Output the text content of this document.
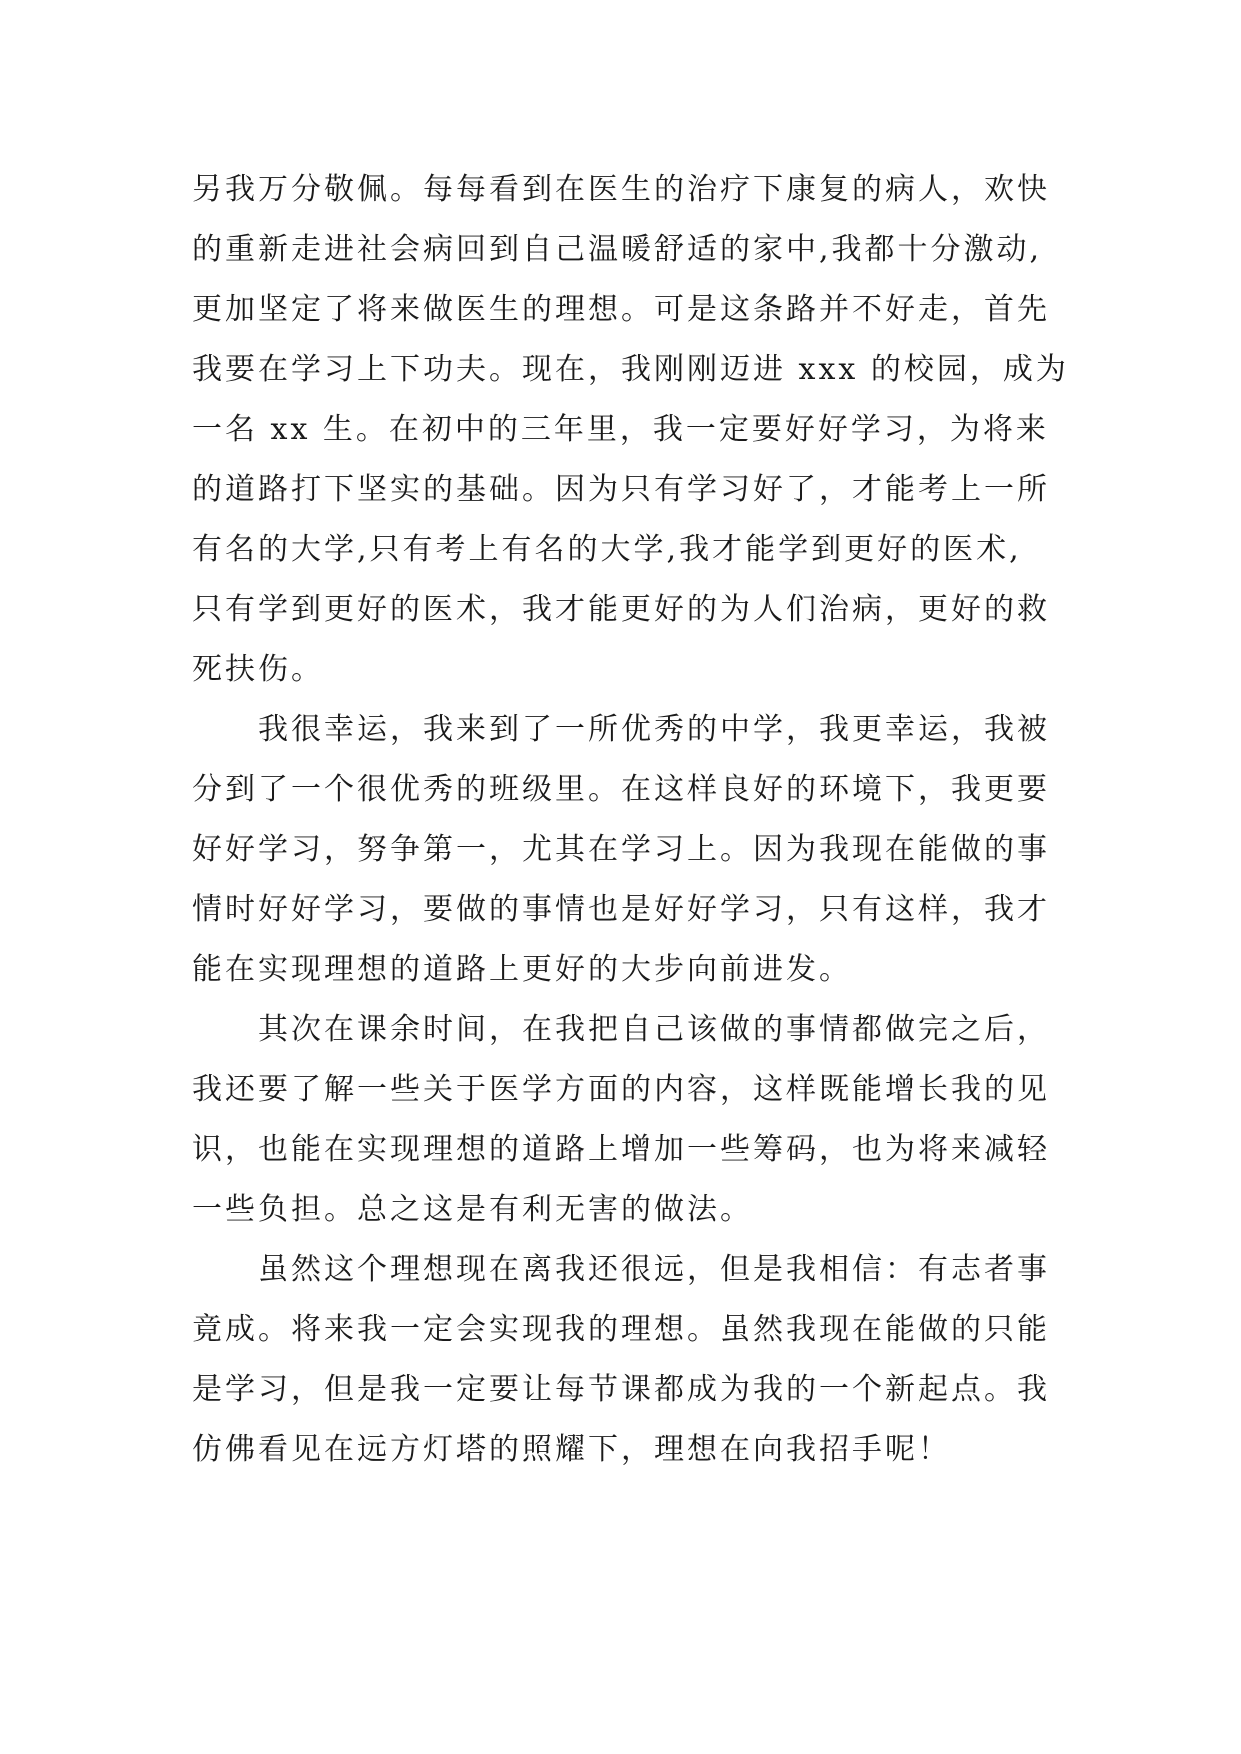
另我万分敬佩。每每看到在医生的治疗下康复的病人，欢快
的重新走进社会病回到自己温暖舒适的家中,我都十分激动,
更加坚定了将来做医生的理想。可是这条路并不好走，首先
我要在学习上下功夫。现在，我刚刚迈进 xxx 的校园，成为
一名 xx 生。在初中的三年里，我一定要好好学习，为将来
的道路打下坚实的基础。因为只有学习好了，才能考上一所
有名的大学,只有考上有名的大学,我才能学到更好的医术,
只有学到更好的医术，我才能更好的为人们治病，更好的救
死扶伤。
我很幸运，我来到了一所优秀的中学，我更幸运，我被
分到了一个很优秀的班级里。在这样良好的环境下，我更要
好好学习，努争第一，尤其在学习上。因为我现在能做的事
情时好好学习，要做的事情也是好好学习，只有这样，我才
能在实现理想的道路上更好的大步向前进发。
其次在课余时间，在我把自己该做的事情都做完之后，
我还要了解一些关于医学方面的内容，这样既能增长我的见
识，也能在实现理想的道路上增加一些筹码，也为将来减轻
一些负担。总之这是有利无害的做法。
虽然这个理想现在离我还很远，但是我相信：有志者事
竟成。将来我一定会实现我的理想。虽然我现在能做的只能
是学习，但是我一定要让每节课都成为我的一个新起点。我
仿佛看见在远方灯塔的照耀下，理想在向我招手呢！
